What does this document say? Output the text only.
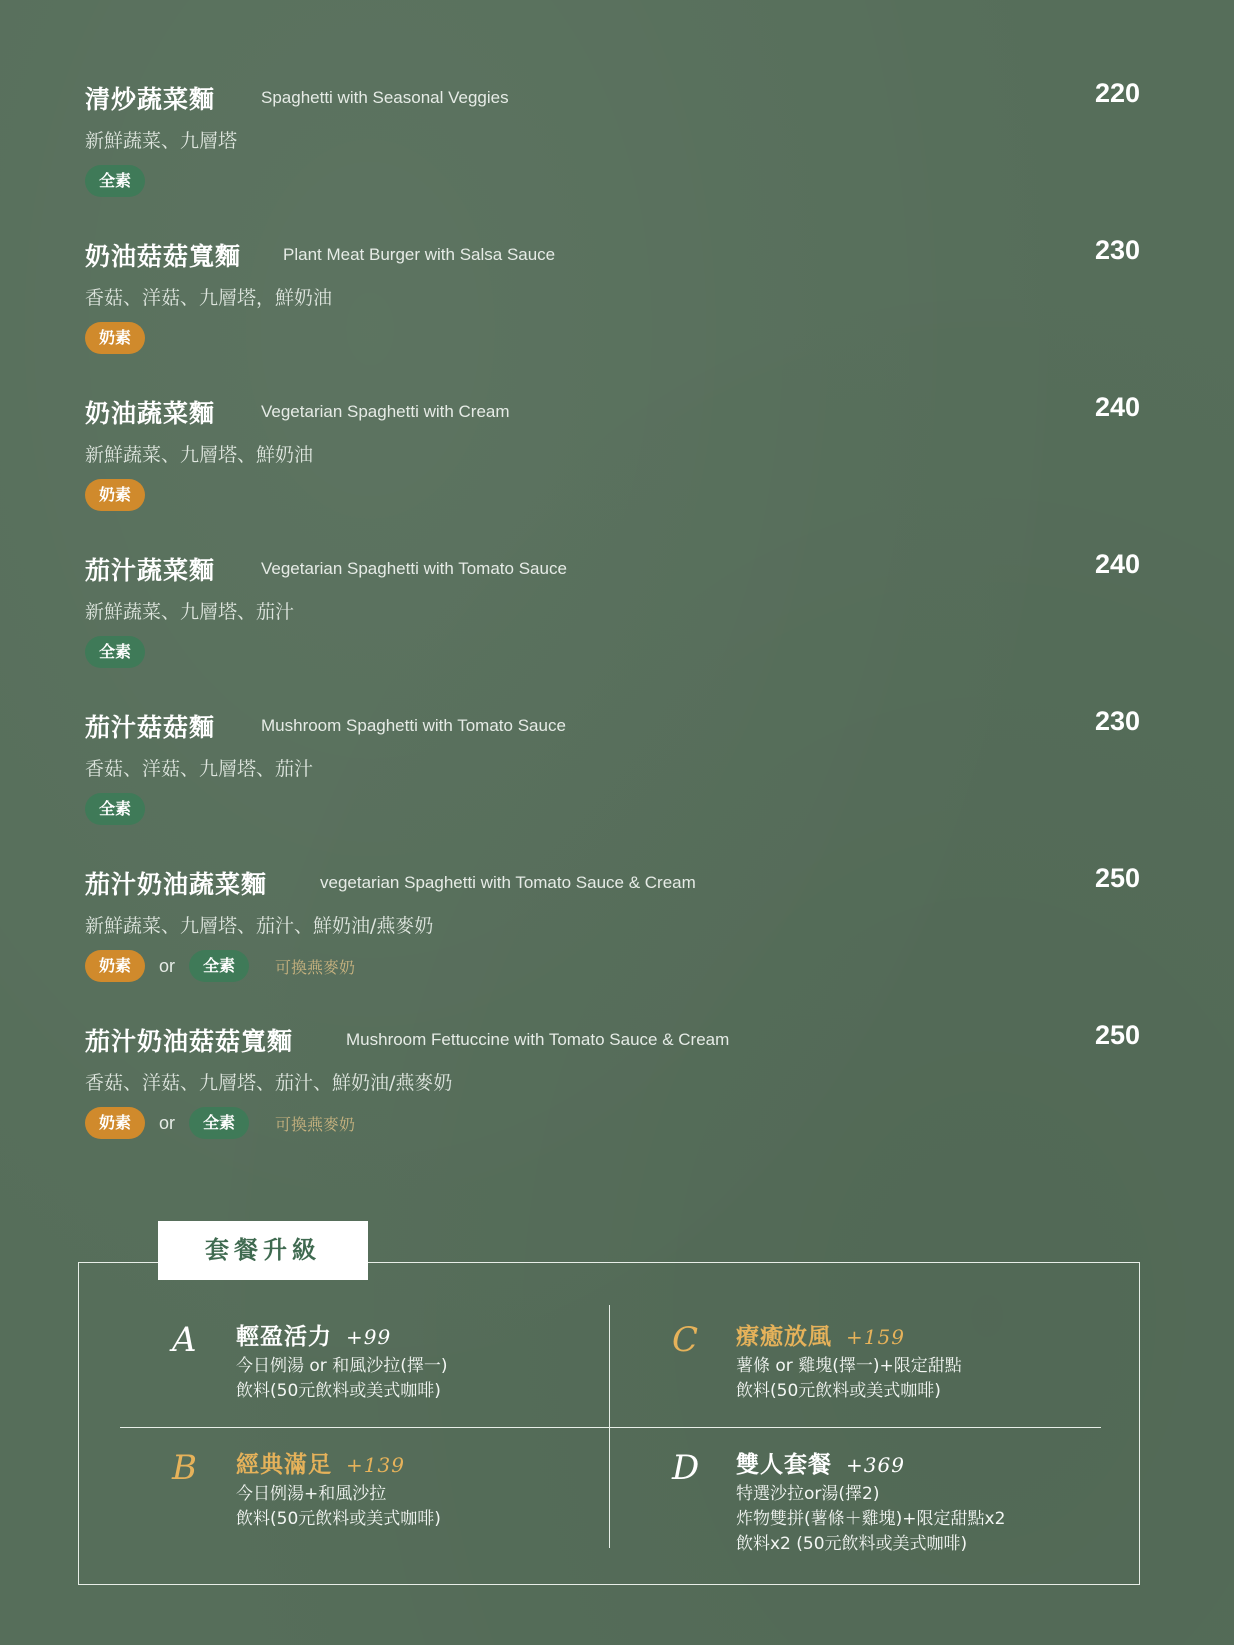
清炒蔬菜麵	Spaghetti with Seasonal Veggies	220
新鮮蔬菜、九層塔
全素
奶油菇菇寬麵 Plant Meat Burger with Salsa Sauce	230
香菇、洋菇、九層塔，鮮奶油
奶素
奶油蔬菜麵	Vegetarian Spaghetti with Cream	240
新鮮蔬菜、九層塔、鮮奶油
奶素
茄汁蔬菜麵	Vegetarian Spaghetti with Tomato Sauce	240
新鮮蔬菜、九層塔、茄汁
全素
茄汁菇菇麵	Mushroom Spaghetti with Tomato Sauce	230
香菇、洋菇、九層塔、茄汁
全素
茄汁奶油蔬菜麵	vegetarian Spaghetti with Tomato Sauce & Cream	250
新鮮蔬菜、九層塔、茄汁、鮮奶油/燕麥奶
奶素	or	全素	可換燕麥奶
茄汁奶油菇菇寬麵	Mushroom Fettuccine with Tomato Sauce & Cream	250
香菇、洋菇、九層塔、茄汁、鮮奶油/燕麥奶
奶素	or	全素	可換燕麥奶
套餐升級
A 輕盈活力 +99
今日例湯 or 和風沙拉(擇一)
飲料(50元飲料或美式咖啡)
C 療癒放風 +159
薯條 or 雞塊(擇一)+限定甜點
飲料(50元飲料或美式咖啡)
B 經典滿足 +139
今日例湯+和風沙拉
飲料(50元飲料或美式咖啡)
D 雙人套餐 +369
特選沙拉or湯(擇2)
炸物雙拼(薯條＋雞塊)+限定甜點x2
飲料x2 (50元飲料或美式咖啡)
